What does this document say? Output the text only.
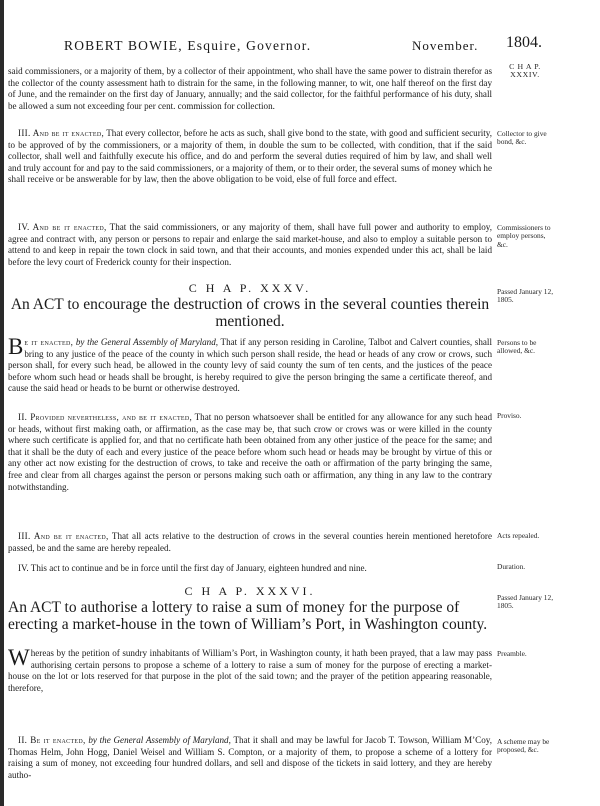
ROBERT BOWIE, Esquire, Governor.	November. 1804.

said commissioners, or a majority of them, by a collector of their appointment, who shall have the same power to distrain therefor as the collector of the county assessment hath to distrain for the same, in the following manner, to wit, one half thereof on the first day of June, and the remainder on the first day of January, annually; and the said collector, for the faithful performance of his duty, shall be allowed a sum not exceeding four per cent. commission for collection.

III. And be it enacted, That every collector, before he acts as such, shall give bond to the state, with good and sufficient security, to be approved of by the commissioners, or a majority of them, in double the sum to be collected, with condition, that if the said collector, shall well and faithfully execute his office, and do and perform the several duties required of him by law, and shall well and truly account for and pay to the said commissioners, or a majority of them, or to their order, the several sums of money which he shall receive or be answerable for by law, then the above obligation to be void, else of full force and effect.

IV. And be it enacted, That the said commissioners, or any majority of them, shall have full power and authority to employ, agree and contract with, any person or persons to repair and enlarge the said market-house, and also to employ a suitable person to attend to and keep in repair the town clock in said town, and that their accounts, and monies expended under this act, shall be laid before the levy court of Frederick county for their inspection.

C H A P. XXXV.

An ACT to encourage the destruction of crows in the several counties therein mentioned.

Be it enacted, by the General Assembly of Maryland, That if any person residing in Caroline, Talbot and Calvert counties, shall bring to any justice of the peace of the county in which such person shall reside, the head or heads of any crow or crows, such person shall, for every such head, be allowed in the county levy of said county the sum of ten cents, and the justices of the peace before whom such head or heads shall be brought, is hereby required to give the person bringing the same a certificate thereof, and cause the said head or heads to be burnt or otherwise destroyed.

II. Provided nevertheless, and be it enacted, That no person whatsoever shall be entitled for any allowance for any such head or heads, without first making oath, or affirmation, as the case may be, that such crow or crows was or were killed in the county where such certificate is applied for, and that no certificate hath been obtained from any other justice of the peace for the same; and that it shall be the duty of each and every justice of the peace before whom such head or heads may be brought by virtue of this or any other act now existing for the destruction of crows, to take and receive the oath or affirmation of the party bringing the same, free and clear from all charges against the person or persons making such oath or affirmation, any thing in any law to the contrary notwithstanding.

III. And be it enacted, That all acts relative to the destruction of crows in the several counties herein mentioned heretofore passed, be and the same are hereby repealed.

IV. This act to continue and be in force until the first day of January, eighteen hundred and nine.

C H A P. XXXVI.

An ACT to authorise a lottery to raise a sum of money for the purpose of erecting a market-house in the town of William’s Port, in Washington county.

Whereas by the petition of sundry inhabitants of William’s Port, in Washington county, it hath been prayed, that a law may pass authorising certain persons to propose a scheme of a lottery to raise a sum of money for the purpose of erecting a market-house on the lot or lots reserved for that purpose in the plot of the said town; and the prayer of the petition appearing reasonable, therefore,

II. Be it enacted, by the General Assembly of Maryland, That it shall and may be lawful for Jacob T. Towson, William M’Coy, Thomas Helm, John Hogg, Daniel Weisel and William S. Compton, or a majority of them, to propose a scheme of a lottery for raising a sum of money, not exceeding four hundred dollars, and sell and dispose of the tickets in said lottery, and they are hereby autho-

C H A P. XXXIV.
Collector to give bond, &c.
Commissioners to employ persons, &c.
Passed January 12, 1805.
Persons to be allowed, &c.
Proviso.
Acts repealed.
Duration.
Passed January 12, 1805.
Preamble.
A scheme may be proposed, &c.
